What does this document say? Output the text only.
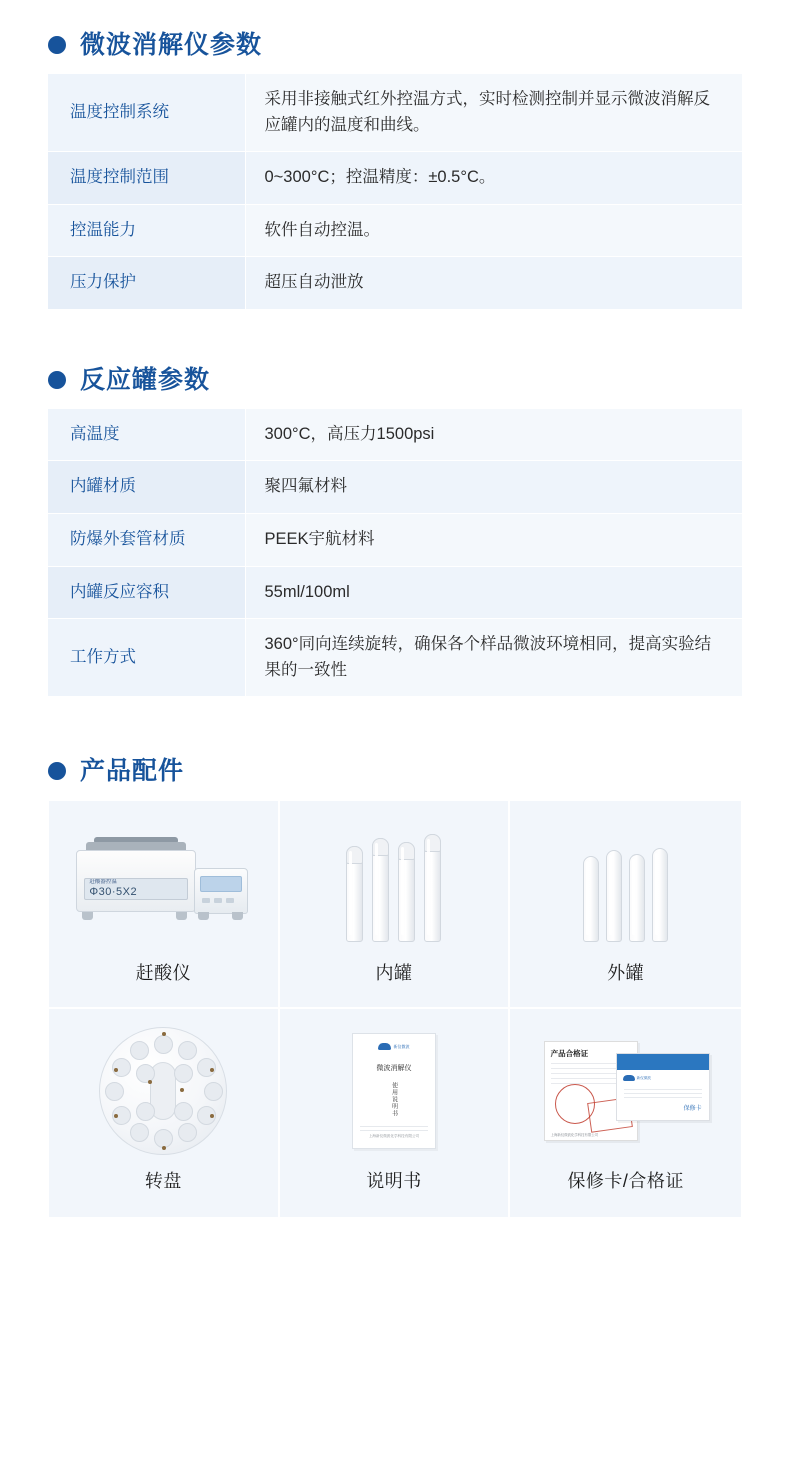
微波消解仪参数
温度控制系统	采用非接触式红外控温方式，实时检测控制并显示微波消解反应罐内的温度和曲线。
温度控制范围	0~300°C；控温精度：±0.5°C。
控温能力	软件自动控温。
压力保护	超压自动泄放
反应罐参数
高温度	300°C，高压力1500psi
内罐材质	聚四氟材料
防爆外套管材质	PEEK宇航材料
内罐反应容积	55ml/100ml
工作方式	360°同向连续旋转，确保各个样品微波环境相同，提高实验结果的一致性
产品配件
赶酸器控温
Φ30·5X2
赶酸仪	内罐	外罐
转盘
新仪微波
微波消解仪
使用说明书
上海新仪微波化学科技有限公司
说明书
产品合格证
上海新仪微波化学科技有限公司
新仪微波
保修卡
保修卡/合格证
